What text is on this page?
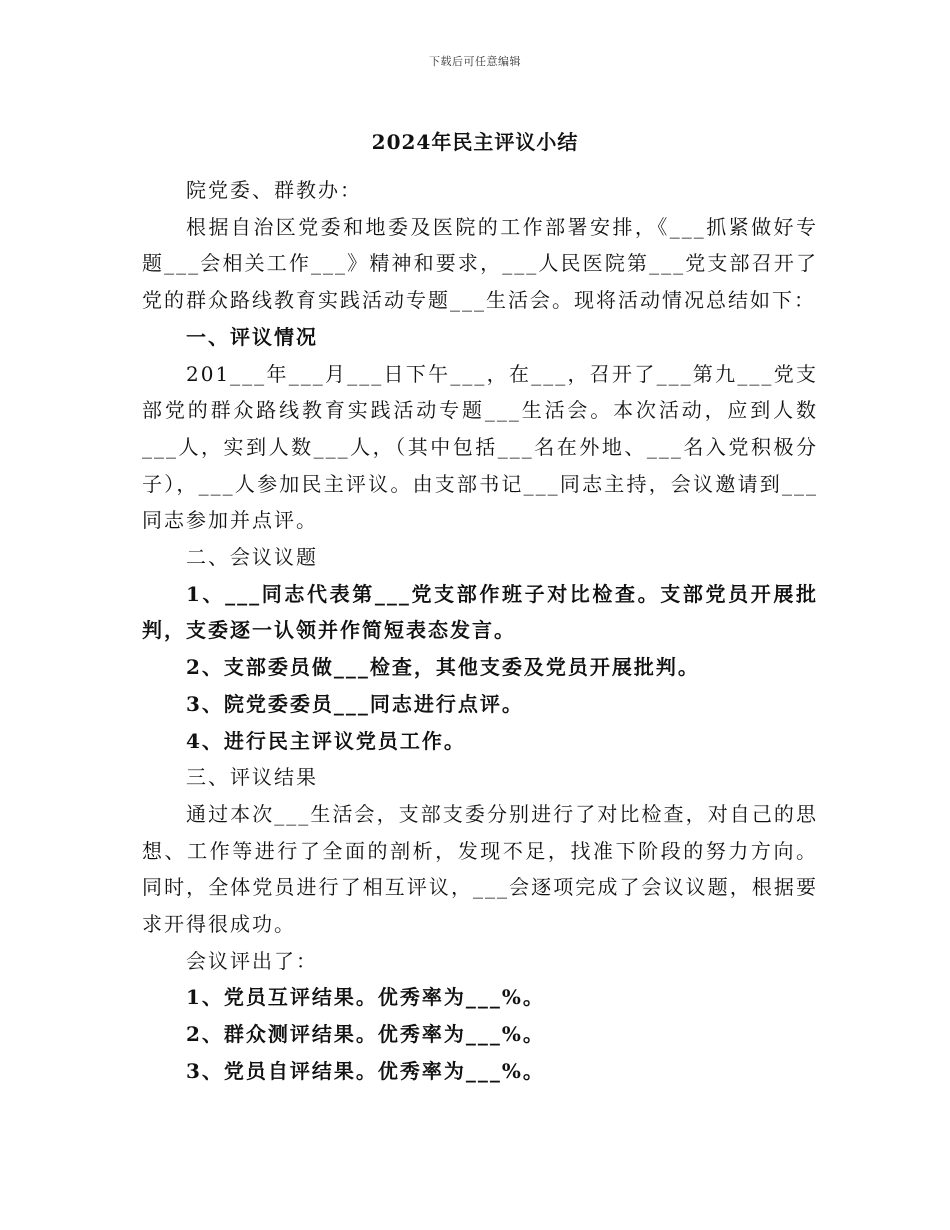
下载后可任意编辑
2024年民主评议小结

院党委、群教办：

根据自治区党委和地委及医院的工作部署安排，《___抓紧做好专题___会相关工作___》精神和要求，___人民医院第___党支部召开了党的群众路线教育实践活动专题___生活会。现将活动情况总结如下：

一、评议情况

201___年___月___日下午___，在___，召开了___第九___党支部党的群众路线教育实践活动专题___生活会。本次活动，应到人数___人，实到人数___人，（其中包括___名在外地、___名入党积极分子），___人参加民主评议。由支部书记___同志主持，会议邀请到___同志参加并点评。

二、会议议题

1、___同志代表第___党支部作班子对比检查。支部党员开展批判，支委逐一认领并作简短表态发言。

2、支部委员做___检查，其他支委及党员开展批判。

3、院党委委员___同志进行点评。

4、进行民主评议党员工作。

三、评议结果

通过本次___生活会，支部支委分别进行了对比检查，对自己的思想、工作等进行了全面的剖析，发现不足，找准下阶段的努力方向。同时，全体党员进行了相互评议，___会逐项完成了会议议题，根据要求开得很成功。

会议评出了：

1、党员互评结果。优秀率为___%。

2、群众测评结果。优秀率为___%。

3、党员自评结果。优秀率为___%。
